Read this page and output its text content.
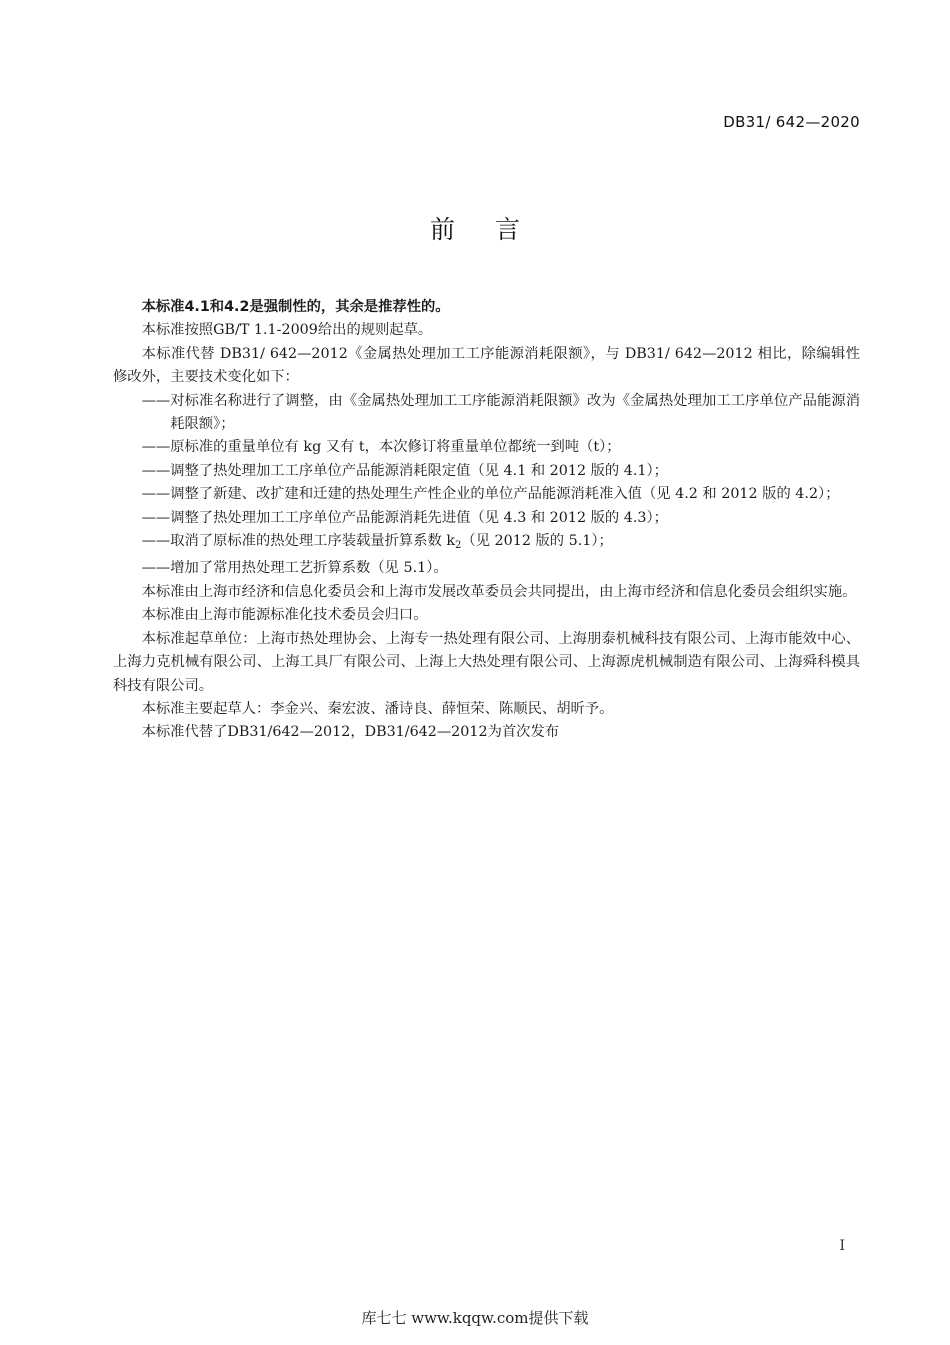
DB31/ 642—2020
前言

本标准4.1和4.2是强制性的，其余是推荐性的。

本标准按照GB/T 1.1-2009给出的规则起草。

本标准代替 DB31/ 642—2012《金属热处理加工工序能源消耗限额》，与 DB31/ 642—2012 相比，除编辑性修改外，主要技术变化如下：

——对标准名称进行了调整，由《金属热处理加工工序能源消耗限额》改为《金属热处理加工工序单位产品能源消耗限额》；

——原标准的重量单位有 kg 又有 t，本次修订将重量单位都统一到吨（t）；

——调整了热处理加工工序单位产品能源消耗限定值（见 4.1 和 2012 版的 4.1）；

——调整了新建、改扩建和迁建的热处理生产性企业的单位产品能源消耗准入值（见 4.2 和 2012 版的 4.2）；

——调整了热处理加工工序单位产品能源消耗先进值（见 4.3 和 2012 版的 4.3）；

——取消了原标准的热处理工序装载量折算系数 $k_2$（见 2012 版的 5.1）；

——增加了常用热处理工艺折算系数（见 5.1）。

本标准由上海市经济和信息化委员会和上海市发展改革委员会共同提出，由上海市经济和信息化委员会组织实施。

本标准由上海市能源标准化技术委员会归口。

本标准起草单位：上海市热处理协会、上海专一热处理有限公司、上海朋泰机械科技有限公司、上海市能效中心、上海力克机械有限公司、上海工具厂有限公司、上海上大热处理有限公司、上海源虎机械制造有限公司、上海舜科模具科技有限公司。

本标准主要起草人：李金兴、秦宏波、潘诗良、薛恒荣、陈顺民、胡昕予。

本标准代替了DB31/642—2012，DB31/642—2012为首次发布

I
库七七 www.kqqw.com提供下载
